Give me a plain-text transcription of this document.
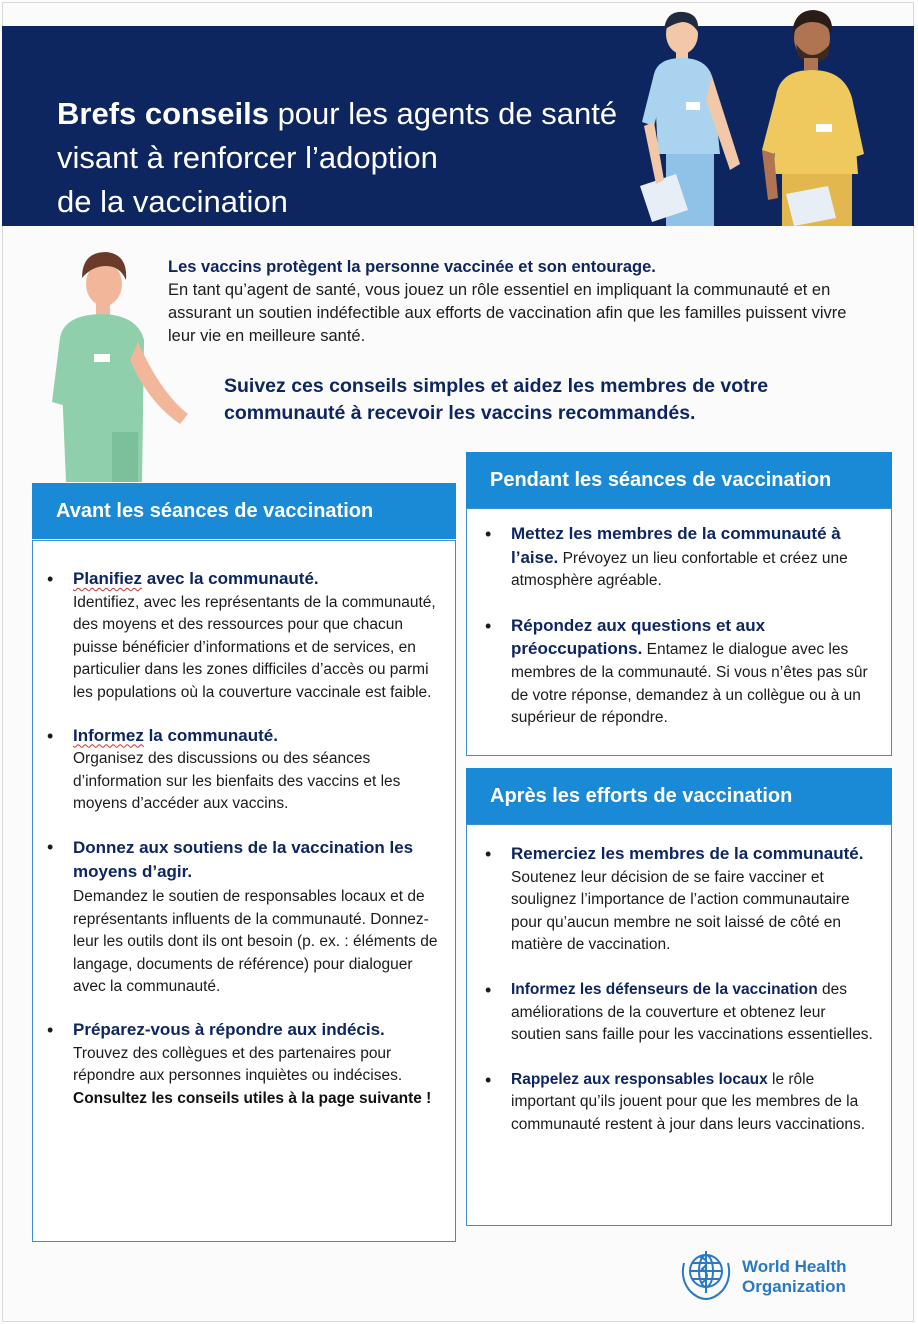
Brefs conseils pour les agents de santé
visant à renforcer l’adoption
de la vaccination
Les vaccins protègent la personne vaccinée et son entourage.
En tant qu’agent de santé, vous jouez un rôle essentiel en impliquant la communauté et en assurant un soutien indéfectible aux efforts de vaccination afin que les familles puissent vivre leur vie en meilleure santé.
Suivez ces conseils simples et aidez les membres de votre communauté à recevoir les vaccins recommandés.
Avant les séances de vaccination
• Planifiez avec la communauté.
Identifiez, avec les représentants de la communauté, des moyens et des ressources pour que chacun puisse bénéficier d’informations et de services, en particulier dans les zones difficiles d’accès ou parmi les populations où la couverture vaccinale est faible.
• Informez la communauté.
Organisez des discussions ou des séances d’information sur les bienfaits des vaccins et les moyens d’accéder aux vaccins.
• Donnez aux soutiens de la vaccination les moyens d’agir.
Demandez le soutien de responsables locaux et de représentants influents de la communauté. Donnez-leur les outils dont ils ont besoin (p. ex. : éléments de langage, documents de référence) pour dialoguer avec la communauté.
• Préparez-vous à répondre aux indécis.
Trouvez des collègues et des partenaires pour répondre aux personnes inquiètes ou indécises. Consultez les conseils utiles à la page suivante !
Pendant les séances de vaccination
• Mettez les membres de la communauté à l’aise. Prévoyez un lieu confortable et créez une atmosphère agréable.
• Répondez aux questions et aux préoccupations. Entamez le dialogue avec les membres de la communauté. Si vous n’êtes pas sûr de votre réponse, demandez à un collègue ou à un supérieur de répondre.
Après les efforts de vaccination
• Remerciez les membres de la communauté. Soutenez leur décision de se faire vacciner et soulignez l’importance de l’action communautaire pour qu’aucun membre ne soit laissé de côté en matière de vaccination.
• Informez les défenseurs de la vaccination des améliorations de la couverture et obtenez leur soutien sans faille pour les vaccinations essentielles.
• Rappelez aux responsables locaux le rôle important qu’ils jouent pour que les membres de la communauté restent à jour dans leurs vaccinations.
World Health
Organization
